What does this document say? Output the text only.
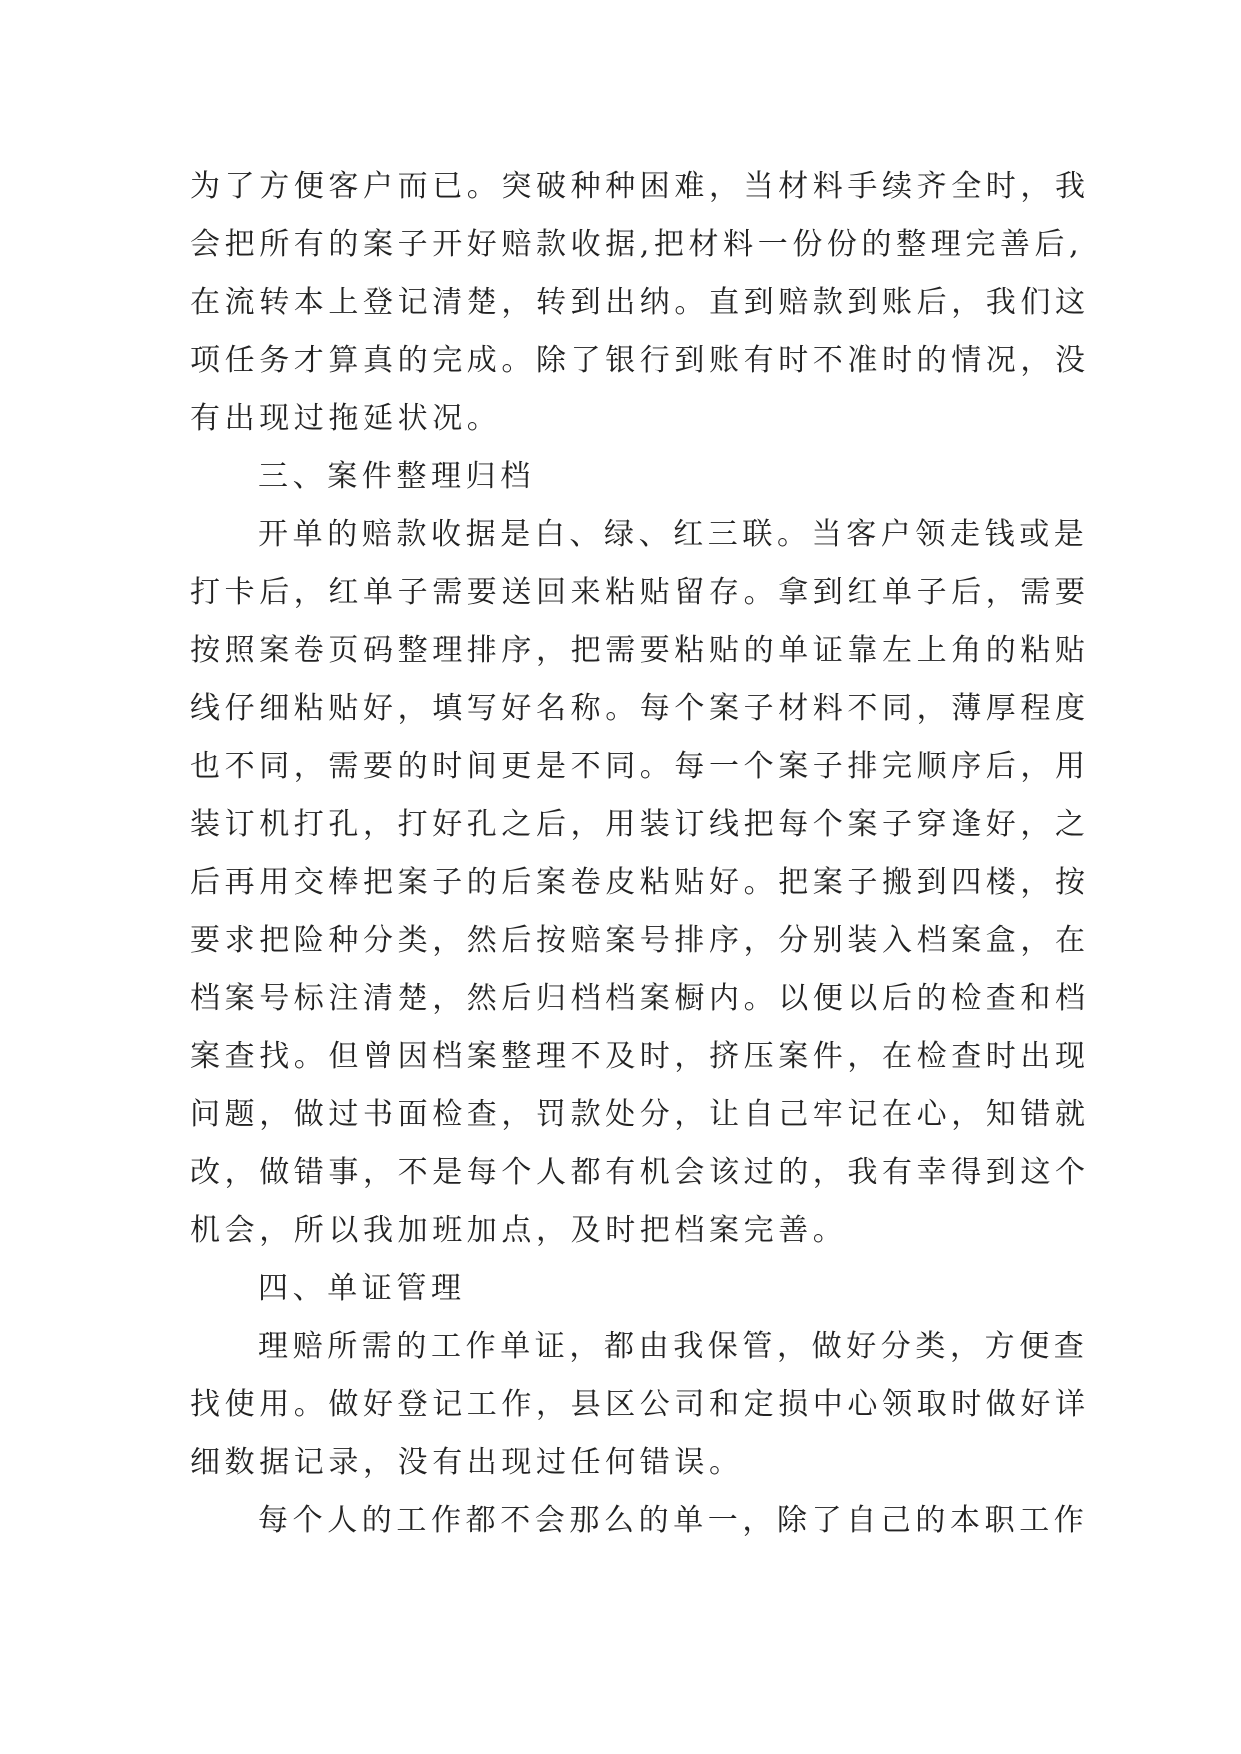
为了方便客户而已。突破种种困难，当材料手续齐全时，我
会把所有的案子开好赔款收据,把材料一份份的整理完善后,
在流转本上登记清楚，转到出纳。直到赔款到账后，我们这
项任务才算真的完成。除了银行到账有时不准时的情况，没
有出现过拖延状况。
三、案件整理归档
开单的赔款收据是白、绿、红三联。当客户领走钱或是
打卡后，红单子需要送回来粘贴留存。拿到红单子后，需要
按照案卷页码整理排序，把需要粘贴的单证靠左上角的粘贴
线仔细粘贴好，填写好名称。每个案子材料不同，薄厚程度
也不同，需要的时间更是不同。每一个案子排完顺序后，用
装订机打孔，打好孔之后，用装订线把每个案子穿逢好，之
后再用交棒把案子的后案卷皮粘贴好。把案子搬到四楼，按
要求把险种分类，然后按赔案号排序，分别装入档案盒，在
档案号标注清楚，然后归档档案橱内。以便以后的检查和档
案查找。但曾因档案整理不及时，挤压案件，在检查时出现
问题，做过书面检查，罚款处分，让自己牢记在心，知错就
改，做错事，不是每个人都有机会该过的，我有幸得到这个
机会，所以我加班加点，及时把档案完善。
四、单证管理
理赔所需的工作单证，都由我保管，做好分类，方便查
找使用。做好登记工作，县区公司和定损中心领取时做好详
细数据记录，没有出现过任何错误。
每个人的工作都不会那么的单一，除了自己的本职工作
